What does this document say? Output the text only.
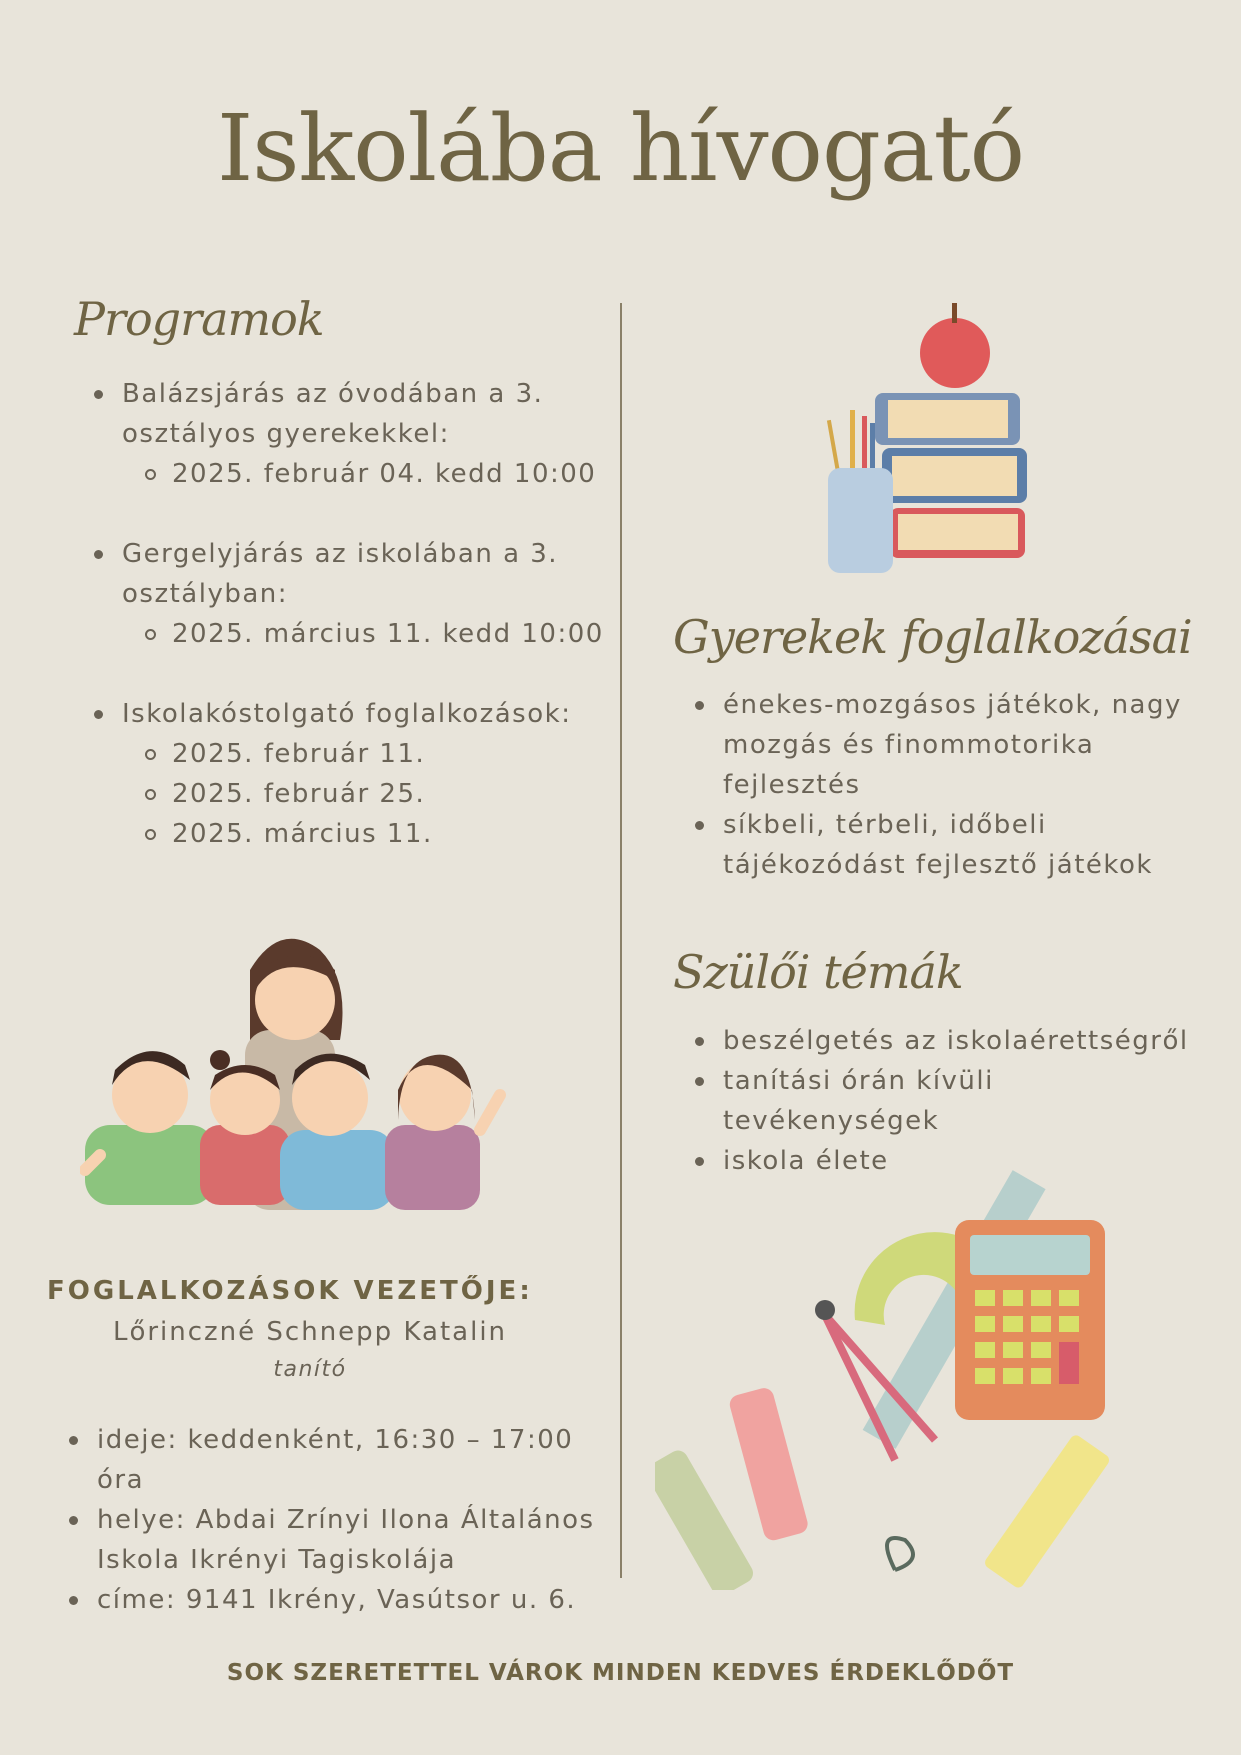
Iskolába hívogató
Programok
Balázsjárás az óvodában a 3.
osztályos gyerekekkel:
2025. február 04. kedd 10:00
Gergelyjárás az iskolában a 3.
osztályban:
2025. március 11. kedd 10:00
Iskolakóstolgató foglalkozások:
2025. február 11.
2025. február 25.
2025. március 11.
FOGLALKOZÁSOK VEZETŐJE:
Lőrinczné Schnepp Katalin
tanító
ideje: keddenként, 16:30 – 17:00 óra
helye: Abdai Zrínyi Ilona Általános
Iskola Ikrényi Tagiskolája
címe: 9141 Ikrény, Vasútsor u. 6.
Gyerekek foglalkozásai
énekes-mozgásos játékok, nagy
mozgás és finommotorika
fejlesztés
síkbeli, térbeli, időbeli
tájékozódást fejlesztő játékok
Szülői témák
beszélgetés az iskolaérettségről
tanítási órán kívüli tevékenységek
iskola élete
SOK SZERETETTEL VÁROK MINDEN KEDVES ÉRDEKLŐDŐT
